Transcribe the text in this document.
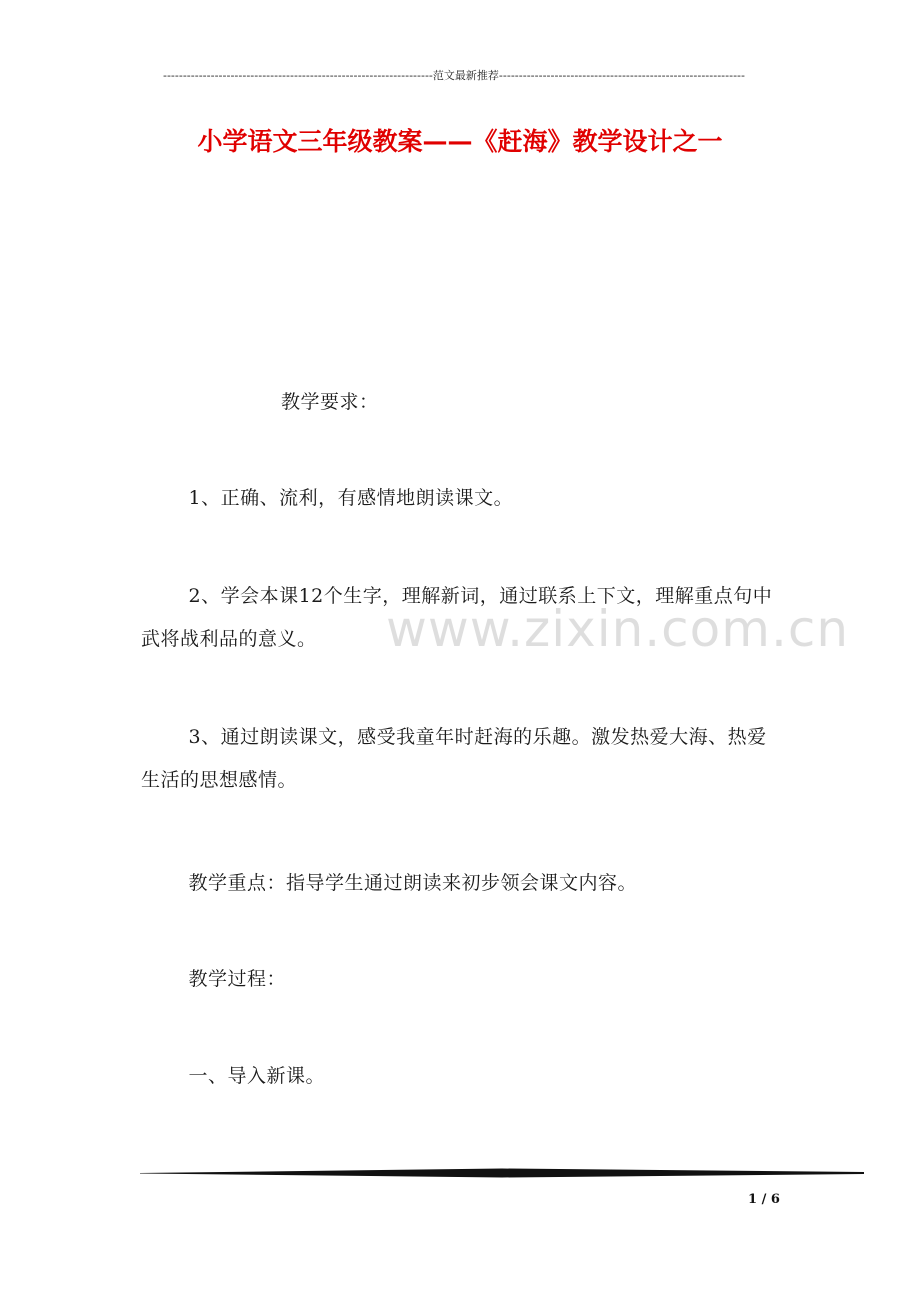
--------------------------------------------------------------------范文最新推荐--------------------------------------------------------------
小学语文三年级教案——《赶海》教学设计之一
www.zixin.com.cn

教学要求：

1、正确、流利，有感情地朗读课文。

2、学会本课12个生字，理解新词，通过联系上下文，理解重点句中武将战利品的意义。

3、通过朗读课文，感受我童年时赶海的乐趣。激发热爱大海、热爱生活的思想感情。

教学重点：指导学生通过朗读来初步领会课文内容。

教学过程：

一、导入新课。

1 / 6
